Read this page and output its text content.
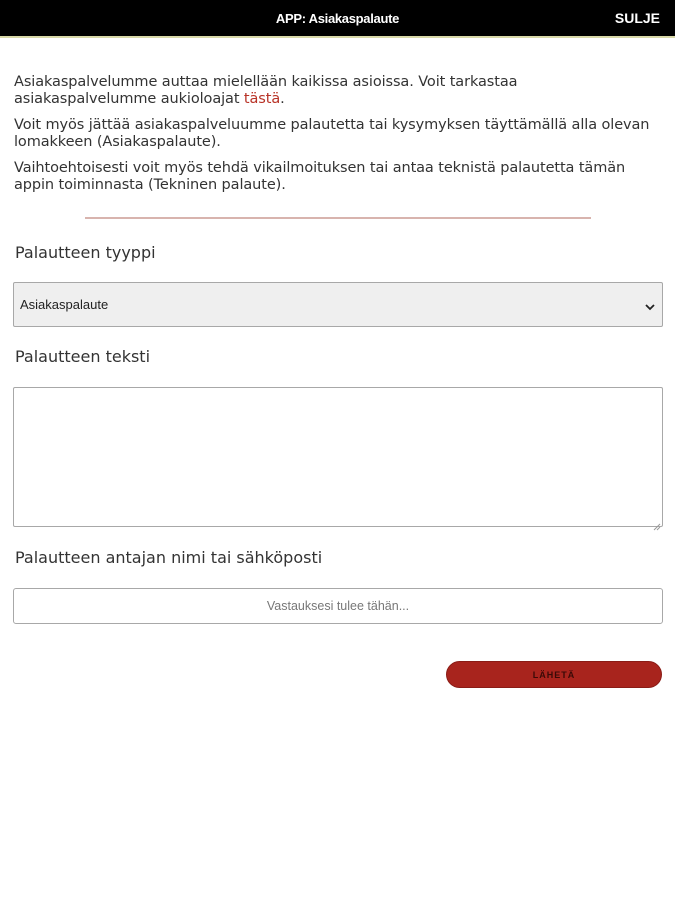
APP: Asiakaspalaute	SULJE

Asiakaspalvelumme auttaa mielellään kaikissa asioissa. Voit tarkastaa asiakaspalvelumme aukioloajat tästä.

Voit myös jättää asiakaspalveluumme palautetta tai kysymyksen täyttämällä alla olevan lomakkeen (Asiakaspalaute).

Vaihtoehtoisesti voit myös tehdä vikailmoituksen tai antaa teknistä palautetta tämän appin toiminnasta (Tekninen palaute).

Palautteen tyyppi
Asiakaspalaute
Palautteen teksti
Palautteen antajan nimi tai sähköposti
Vastauksesi tulee tähän...
LÄHETÄ
